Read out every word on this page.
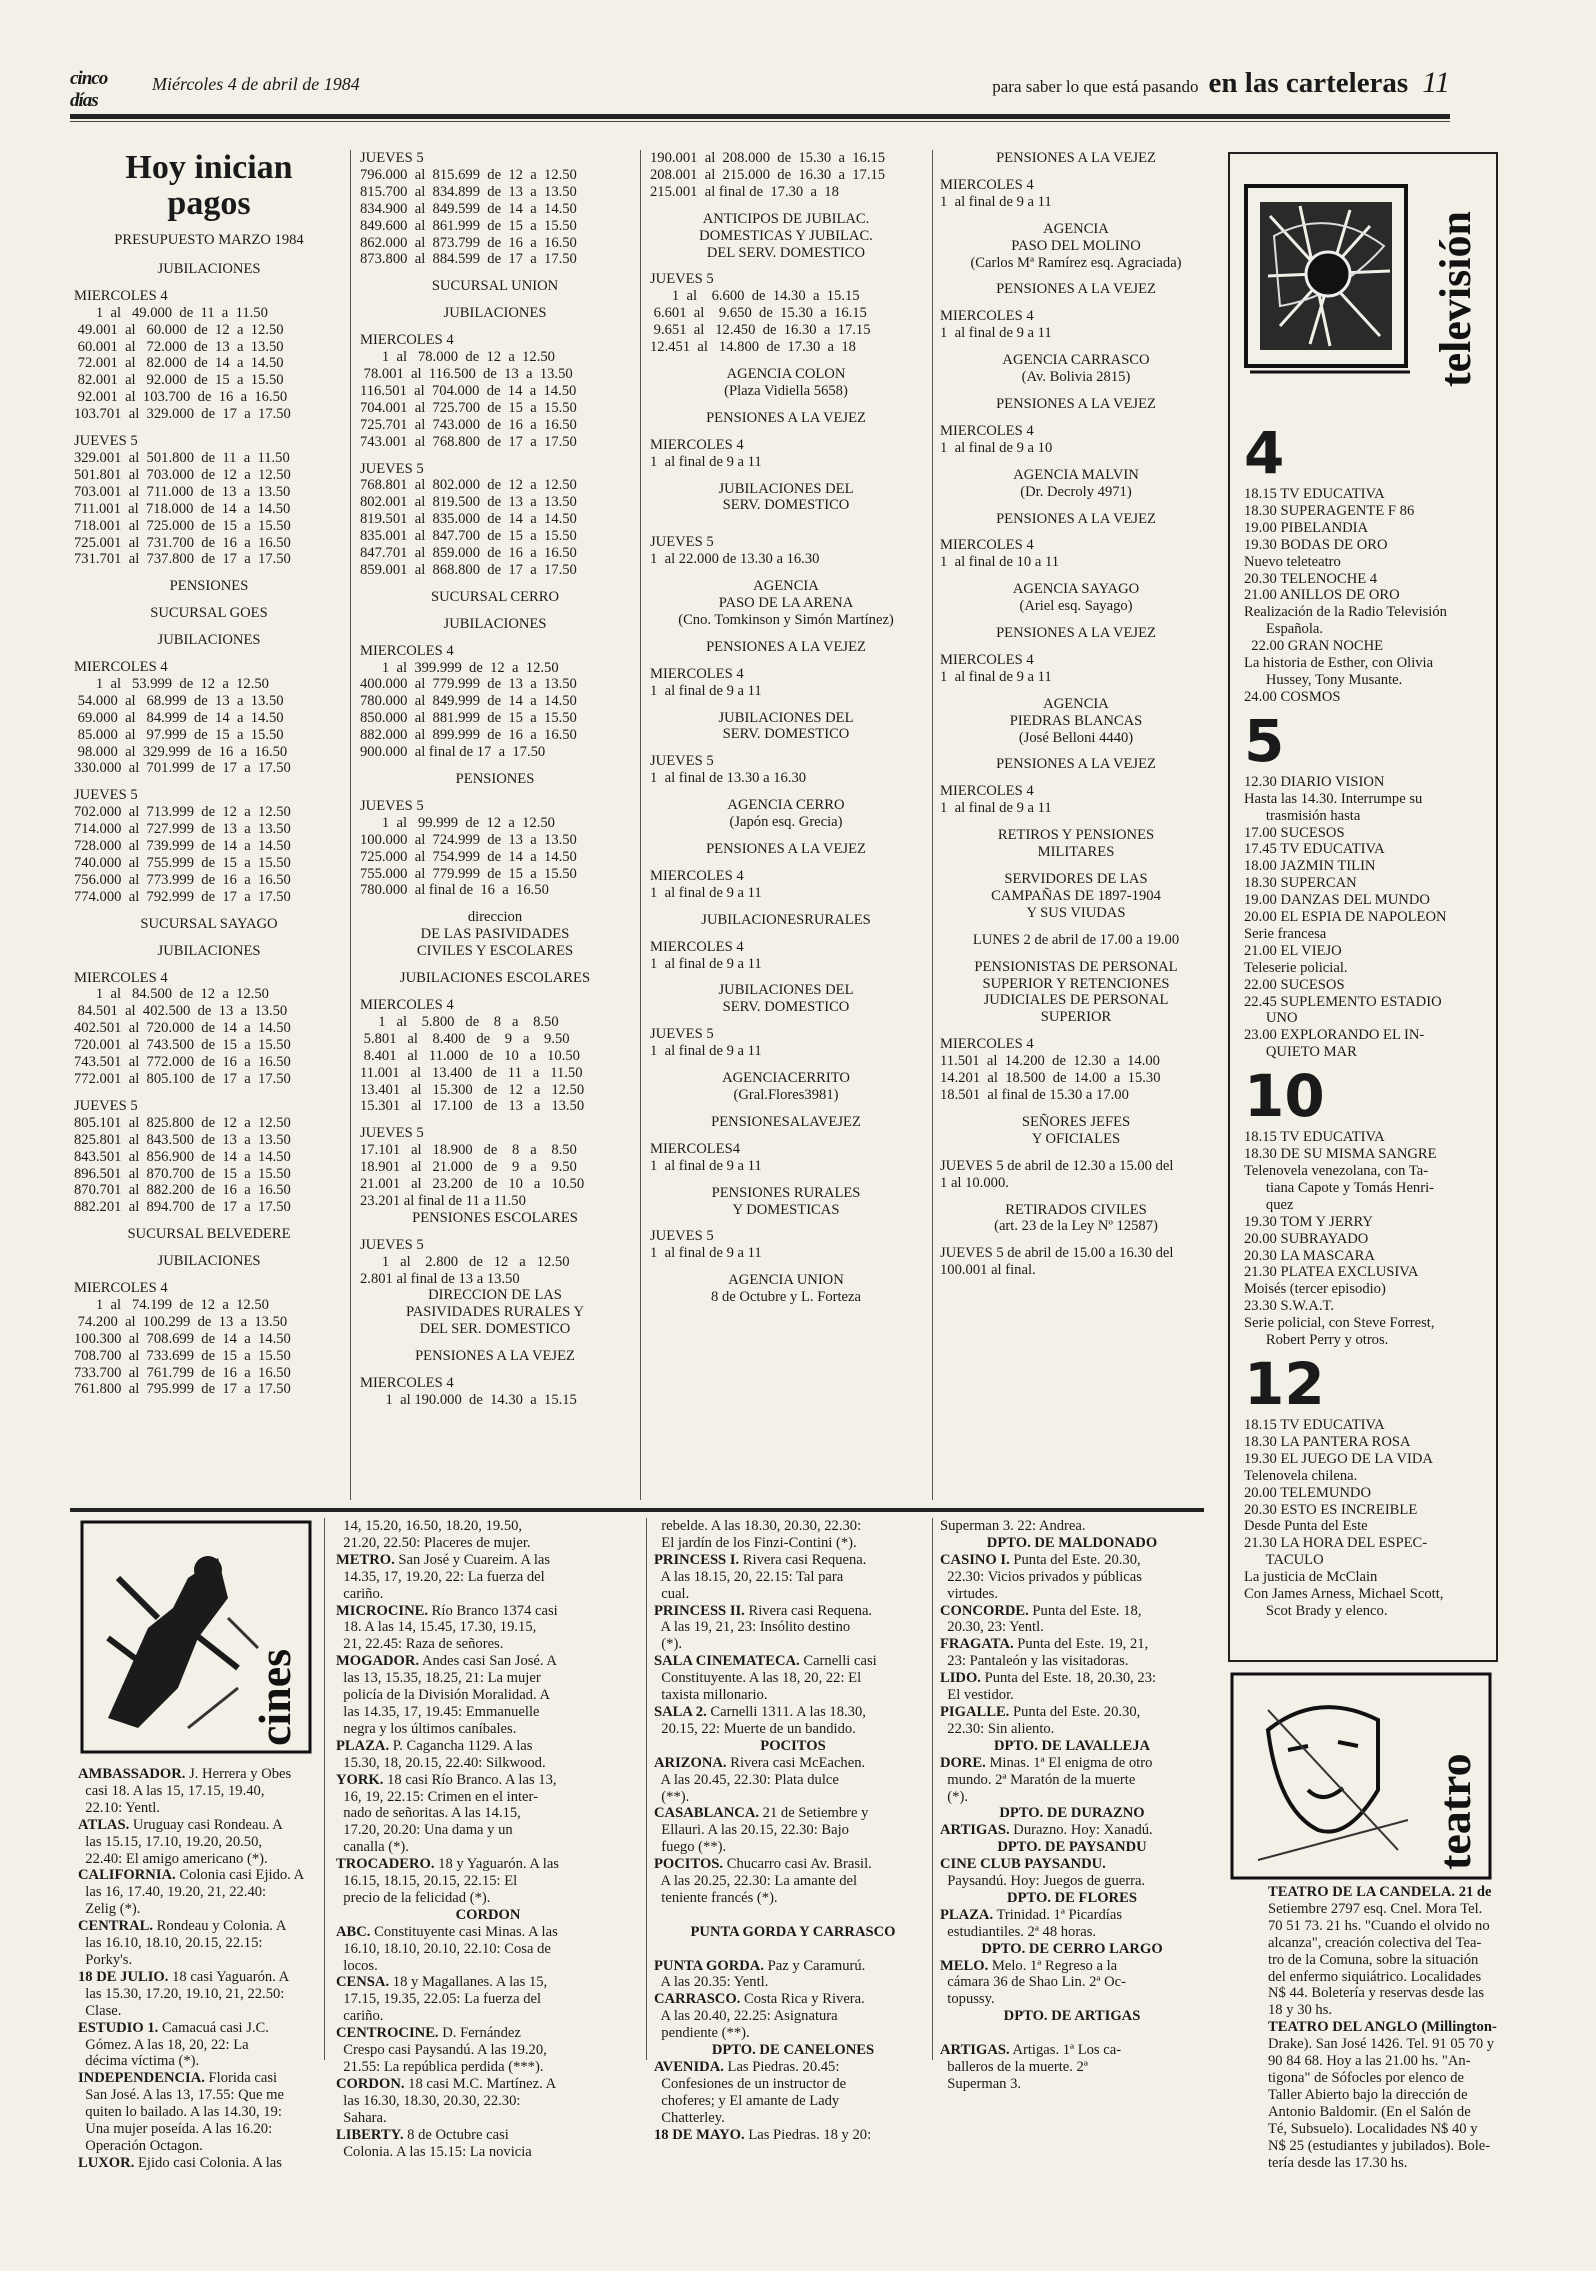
cinco días
Miércoles 4 de abril de 1984	para saber lo que está pasando en las carteleras 11
Hoy inician pagos
PRESUPUESTO MARZO 1984
JUBILACIONES
MIERCOLES 4
1  al   49.000  de  11  a  11.50
49.001  al   60.000  de  12  a  12.50
60.001  al   72.000  de  13  a  13.50
72.001  al   82.000  de  14  a  14.50
82.001  al   92.000  de  15  a  15.50
92.001  al  103.700  de  16  a  16.50
103.701  al  329.000  de  17  a  17.50
JUEVES 5
329.001  al  501.800  de  11  a  11.50
501.801  al  703.000  de  12  a  12.50
703.001  al  711.000  de  13  a  13.50
711.001  al  718.000  de  14  a  14.50
718.001  al  725.000  de  15  a  15.50
725.001  al  731.700  de  16  a  16.50
731.701  al  737.800  de  17  a  17.50
PENSIONES
SUCURSAL GOES
JUBILACIONES
MIERCOLES 4
1  al   53.999  de  12  a  12.50
54.000  al   68.999  de  13  a  13.50
69.000  al   84.999  de  14  a  14.50
85.000  al   97.999  de  15  a  15.50
98.000  al  329.999  de  16  a  16.50
330.000  al  701.999  de  17  a  17.50
JUEVES 5
702.000  al  713.999  de  12  a  12.50
714.000  al  727.999  de  13  a  13.50
728.000  al  739.999  de  14  a  14.50
740.000  al  755.999  de  15  a  15.50
756.000  al  773.999  de  16  a  16.50
774.000  al  792.999  de  17  a  17.50
SUCURSAL SAYAGO
JUBILACIONES
MIERCOLES 4
1  al   84.500  de  12  a  12.50
84.501  al  402.500  de  13  a  13.50
402.501  al  720.000  de  14  a  14.50
720.001  al  743.500  de  15  a  15.50
743.501  al  772.000  de  16  a  16.50
772.001  al  805.100  de  17  a  17.50
JUEVES 5
805.101  al  825.800  de  12  a  12.50
825.801  al  843.500  de  13  a  13.50
843.501  al  856.900  de  14  a  14.50
896.501  al  870.700  de  15  a  15.50
870.701  al  882.200  de  16  a  16.50
882.201  al  894.700  de  17  a  17.50
SUCURSAL BELVEDERE
JUBILACIONES
MIERCOLES 4
1  al   74.199  de  12  a  12.50
74.200  al  100.299  de  13  a  13.50
100.300  al  708.699  de  14  a  14.50
708.700  al  733.699  de  15  a  15.50
733.700  al  761.799  de  16  a  16.50
761.800  al  795.999  de  17  a  17.50
JUEVES 5
796.000  al  815.699  de  12  a  12.50
815.700  al  834.899  de  13  a  13.50
834.900  al  849.599  de  14  a  14.50
849.600  al  861.999  de  15  a  15.50
862.000  al  873.799  de  16  a  16.50
873.800  al  884.599  de  17  a  17.50
SUCURSAL UNION
JUBILACIONES
MIERCOLES 4
1  al   78.000  de  12  a  12.50
78.001  al  116.500  de  13  a  13.50
116.501  al  704.000  de  14  a  14.50
704.001  al  725.700  de  15  a  15.50
725.701  al  743.000  de  16  a  16.50
743.001  al  768.800  de  17  a  17.50
JUEVES 5
768.801  al  802.000  de  12  a  12.50
802.001  al  819.500  de  13  a  13.50
819.501  al  835.000  de  14  a  14.50
835.001  al  847.700  de  15  a  15.50
847.701  al  859.000  de  16  a  16.50
859.001  al  868.800  de  17  a  17.50
SUCURSAL CERRO
JUBILACIONES
MIERCOLES 4
1  al  399.999  de  12  a  12.50
400.000  al  779.999  de  13  a  13.50
780.000  al  849.999  de  14  a  14.50
850.000  al  881.999  de  15  a  15.50
882.000  al  899.999  de  16  a  16.50
900.000  al final de 17  a  17.50
PENSIONES
JUEVES 5
1  al   99.999  de  12  a  12.50
100.000  al  724.999  de  13  a  13.50
725.000  al  754.999  de  14  a  14.50
755.000  al  779.999  de  15  a  15.50
780.000  al final de  16  a  16.50
direccion
DE LAS PASIVIDADES
CIVILES Y ESCOLARES
JUBILACIONES ESCOLARES
MIERCOLES 4
1   al    5.800   de    8   a    8.50
5.801   al    8.400   de    9   a    9.50
8.401   al   11.000   de   10   a   10.50
11.001   al   13.400   de   11   a   11.50
13.401   al   15.300   de   12   a   12.50
15.301   al   17.100   de   13   a   13.50
JUEVES 5
17.101   al   18.900   de    8   a    8.50
18.901   al   21.000   de    9   a    9.50
21.001   al   23.200   de   10   a   10.50
23.201 al final de 11 a 11.50
PENSIONES ESCOLARES
JUEVES 5
1   al    2.800   de   12   a   12.50
2.801 al final de 13 a 13.50
DIRECCION DE LAS
PASIVIDADES RURALES Y
DEL SER. DOMESTICO
PENSIONES A LA VEJEZ
MIERCOLES 4
1  al 190.000  de  14.30  a  15.15
190.001  al  208.000  de  15.30  a  16.15
208.001  al  215.000  de  16.30  a  17.15
215.001  al final de  17.30  a  18
ANTICIPOS DE JUBILAC.
DOMESTICAS Y JUBILAC.
DEL SERV. DOMESTICO
JUEVES 5
1  al    6.600  de  14.30  a  15.15
6.601  al    9.650  de  15.30  a  16.15
9.651  al   12.450  de  16.30  a  17.15
12.451  al   14.800  de  17.30  a  18
AGENCIA COLON
(Plaza Vidiella 5658)
PENSIONES A LA VEJEZ
MIERCOLES 4
1  al final de 9 a 11
JUBILACIONES DEL
SERV. DOMESTICO
JUEVES 5
1  al 22.000 de 13.30 a 16.30
AGENCIA
PASO DE LA ARENA
(Cno. Tomkinson y Simón Martínez)
PENSIONES A LA VEJEZ
MIERCOLES 4
1  al final de 9 a 11
JUBILACIONES DEL
SERV. DOMESTICO
JUEVES 5
1  al final de 13.30 a 16.30
AGENCIA CERRO
(Japón esq. Grecia)
PENSIONES A LA VEJEZ
MIERCOLES 4
1  al final de 9 a 11
JUBILACIONESRURALES
MIERCOLES 4
1  al final de 9 a 11
JUBILACIONES DEL
SERV. DOMESTICO
JUEVES 5
1  al final de 9 a 11
AGENCIACERRITO
(Gral.Flores3981)
PENSIONESALAVEJEZ
MIERCOLES4
1  al final de 9 a 11
PENSIONES RURALES
Y DOMESTICAS
JUEVES 5
1  al final de 9 a 11
AGENCIA UNION
8 de Octubre y L. Forteza
PENSIONES A LA VEJEZ
MIERCOLES 4
1  al final de 9 a 11
AGENCIA
PASO DEL MOLINO
(Carlos Mª Ramírez esq. Agraciada)
PENSIONES A LA VEJEZ
MIERCOLES 4
1  al final de 9 a 11
AGENCIA CARRASCO
(Av. Bolivia 2815)
PENSIONES A LA VEJEZ
MIERCOLES 4
1  al final de 9 a 10
AGENCIA MALVIN
(Dr. Decroly 4971)
PENSIONES A LA VEJEZ
MIERCOLES 4
1  al final de 10 a 11
AGENCIA SAYAGO
(Ariel esq. Sayago)
PENSIONES A LA VEJEZ
MIERCOLES 4
1  al final de 9 a 11
AGENCIA
PIEDRAS BLANCAS
(José Belloni 4440)
PENSIONES A LA VEJEZ
MIERCOLES 4
1  al final de 9 a 11
RETIROS Y PENSIONES
MILITARES
SERVIDORES DE LAS
CAMPAÑAS DE 1897-1904
Y SUS VIUDAS
LUNES 2 de abril de 17.00 a 19.00
PENSIONISTAS DE PERSONAL
SUPERIOR Y RETENCIONES
JUDICIALES DE PERSONAL
SUPERIOR
MIERCOLES 4
11.501  al  14.200  de  12.30  a  14.00
14.201  al  18.500  de  14.00  a  15.30
18.501  al final de 15.30 a 17.00
SEÑORES JEFES
Y OFICIALES
JUEVES 5 de abril de 12.30 a 15.00 del
1 al 10.000.
RETIRADOS CIVILES
(art. 23 de la Ley Nº 12587)
JUEVES 5 de abril de 15.00 a 16.30 del
100.001 al final.
televisión
4
18.15 TV EDUCATIVA
18.30 SUPERAGENTE F 86
19.00 PIBELANDIA
19.30 BODAS DE ORO
Nuevo teleteatro
20.30 TELENOCHE 4
21.00 ANILLOS DE ORO
Realización de la Radio Televisión
Española.
22.00 GRAN NOCHE
La historia de Esther, con Olivia
Hussey, Tony Musante.
24.00 COSMOS
5
12.30 DIARIO VISION
Hasta las 14.30. Interrumpe su
trasmisión hasta
17.00 SUCESOS
17.45 TV EDUCATIVA
18.00 JAZMIN TILIN
18.30 SUPERCAN
19.00 DANZAS DEL MUNDO
20.00 EL ESPIA DE NAPOLEON
Serie francesa
21.00 EL VIEJO
Teleserie policial.
22.00 SUCESOS
22.45 SUPLEMENTO ESTADIO
UNO
23.00 EXPLORANDO EL IN-
QUIETO MAR
10
18.15 TV EDUCATIVA
18.30 DE SU MISMA SANGRE
Telenovela venezolana, con Ta-
tiana Capote y Tomás Henri-
quez
19.30 TOM Y JERRY
20.00 SUBRAYADO
20.30 LA MASCARA
21.30 PLATEA EXCLUSIVA
Moisés (tercer episodio)
23.30 S.W.A.T.
Serie policial, con Steve Forrest,
Robert Perry y otros.
12
18.15 TV EDUCATIVA
18.30 LA PANTERA ROSA
19.30 EL JUEGO DE LA VIDA
Telenovela chilena.
20.00 TELEMUNDO
20.30 ESTO ES INCREIBLE
Desde Punta del Este
21.30 LA HORA DEL ESPEC-
TACULO
La justicia de McClain
Con James Arness, Michael Scott,
Scot Brady y elenco.
cines
AMBASSADOR. J. Herrera y Obes
casi 18. A las 15, 17.15, 19.40,
22.10: Yentl.
ATLAS. Uruguay casi Rondeau. A
las 15.15, 17.10, 19.20, 20.50,
22.40: El amigo americano (*).
CALIFORNIA. Colonia casi Ejido. A
las 16, 17.40, 19.20, 21, 22.40:
Zelig (*).
CENTRAL. Rondeau y Colonia. A
las 16.10, 18.10, 20.15, 22.15:
Porky's.
18 DE JULIO. 18 casi Yaguarón. A
las 15.30, 17.20, 19.10, 21, 22.50:
Clase.
ESTUDIO 1. Camacuá casi J.C.
Gómez. A las 18, 20, 22: La
décima víctima (*).
INDEPENDENCIA. Florida casi
San José. A las 13, 17.55: Que me
quiten lo bailado. A las 14.30, 19:
Una mujer poseída. A las 16.20:
Operación Octagon.
LUXOR. Ejido casi Colonia. A las
14, 15.20, 16.50, 18.20, 19.50,
21.20, 22.50: Placeres de mujer.
METRO. San José y Cuareim. A las
14.35, 17, 19.20, 22: La fuerza del
cariño.
MICROCINE. Río Branco 1374 casi
18. A las 14, 15.45, 17.30, 19.15,
21, 22.45: Raza de señores.
MOGADOR. Andes casi San José. A
las 13, 15.35, 18.25, 21: La mujer
policía de la División Moralidad. A
las 14.35, 17, 19.45: Emmanuelle
negra y los últimos caníbales.
PLAZA. P. Cagancha 1129. A las
15.30, 18, 20.15, 22.40: Silkwood.
YORK. 18 casi Río Branco. A las 13,
16, 19, 22.15: Crimen en el inter-
nado de señoritas. A las 14.15,
17.20, 20.20: Una dama y un
canalla (*).
TROCADERO. 18 y Yaguarón. A las
16.15, 18.15, 20.15, 22.15: El
precio de la felicidad (*).
CORDON
ABC. Constituyente casi Minas. A las
16.10, 18.10, 20.10, 22.10: Cosa de
locos.
CENSA. 18 y Magallanes. A las 15,
17.15, 19.35, 22.05: La fuerza del
cariño.
CENTROCINE. D. Fernández
Crespo casi Paysandú. A las 19.20,
21.55: La república perdida (***).
CORDON. 18 casi M.C. Martínez. A
las 16.30, 18.30, 20.30, 22.30:
Sahara.
LIBERTY. 8 de Octubre casi
Colonia. A las 15.15: La novicia
rebelde. A las 18.30, 20.30, 22.30:
El jardín de los Finzi-Contini (*).
PRINCESS I. Rivera casi Requena.
A las 18.15, 20, 22.15: Tal para
cual.
PRINCESS II. Rivera casi Requena.
A las 19, 21, 23: Insólito destino
(*).
SALA CINEMATECA. Carnelli casi
Constituyente. A las 18, 20, 22: El
taxista millonario.
SALA 2. Carnelli 1311. A las 18.30,
20.15, 22: Muerte de un bandido.
POCITOS
ARIZONA. Rivera casi McEachen.
A las 20.45, 22.30: Plata dulce
(**).
CASABLANCA. 21 de Setiembre y
Ellauri. A las 20.15, 22.30: Bajo
fuego (**).
POCITOS. Chucarro casi Av. Brasil.
A las 20.25, 22.30: La amante del
teniente francés (*).

PUNTA GORDA Y CARRASCO

PUNTA GORDA. Paz y Caramurú.
A las 20.35: Yentl.
CARRASCO. Costa Rica y Rivera.
A las 20.40, 22.25: Asignatura
pendiente (**).
DPTO. DE CANELONES
AVENIDA. Las Piedras. 20.45:
Confesiones de un instructor de
choferes; y El amante de Lady
Chatterley.
18 DE MAYO. Las Piedras. 18 y 20:
Superman 3. 22: Andrea.
DPTO. DE MALDONADO
CASINO I. Punta del Este. 20.30,
22.30: Vicios privados y públicas
virtudes.
CONCORDE. Punta del Este. 18,
20.30, 23: Yentl.
FRAGATA. Punta del Este. 19, 21,
23: Pantaleón y las visitadoras.
LIDO. Punta del Este. 18, 20.30, 23:
El vestidor.
PIGALLE. Punta del Este. 20.30,
22.30: Sin aliento.
DPTO. DE LAVALLEJA
DORE. Minas. 1ª El enigma de otro
mundo. 2ª Maratón de la muerte
(*).
DPTO. DE DURAZNO
ARTIGAS. Durazno. Hoy: Xanadú.
DPTO. DE PAYSANDU
CINE CLUB PAYSANDU.
Paysandú. Hoy: Juegos de guerra.
DPTO. DE FLORES
PLAZA. Trinidad. 1ª Picardías
estudiantiles. 2ª 48 horas.
DPTO. DE CERRO LARGO
MELO. Melo. 1ª Regreso a la
cámara 36 de Shao Lin. 2ª Oc-
topussy.
DPTO. DE ARTIGAS

ARTIGAS. Artigas. 1ª Los ca-
balleros de la muerte. 2ª
Superman 3.
teatro
TEATRO DE LA CANDELA. 21 de
Setiembre 2797 esq. Cnel. Mora Tel.
70 51 73. 21 hs. "Cuando el olvido no
alcanza", creación colectiva del Tea-
tro de la Comuna, sobre la situación
del enfermo siquiátrico. Localidades
N$ 44. Boletería y reservas desde las
18 y 30 hs.
TEATRO DEL ANGLO (Millington-
Drake). San José 1426. Tel. 91 05 70 y
90 84 68. Hoy a las 21.00 hs. "An-
tigona" de Sófocles por elenco de
Taller Abierto bajo la dirección de
Antonio Baldomir. (En el Salón de
Té, Subsuelo). Localidades N$ 40 y
N$ 25 (estudiantes y jubilados). Bole-
tería desde las 17.30 hs.
